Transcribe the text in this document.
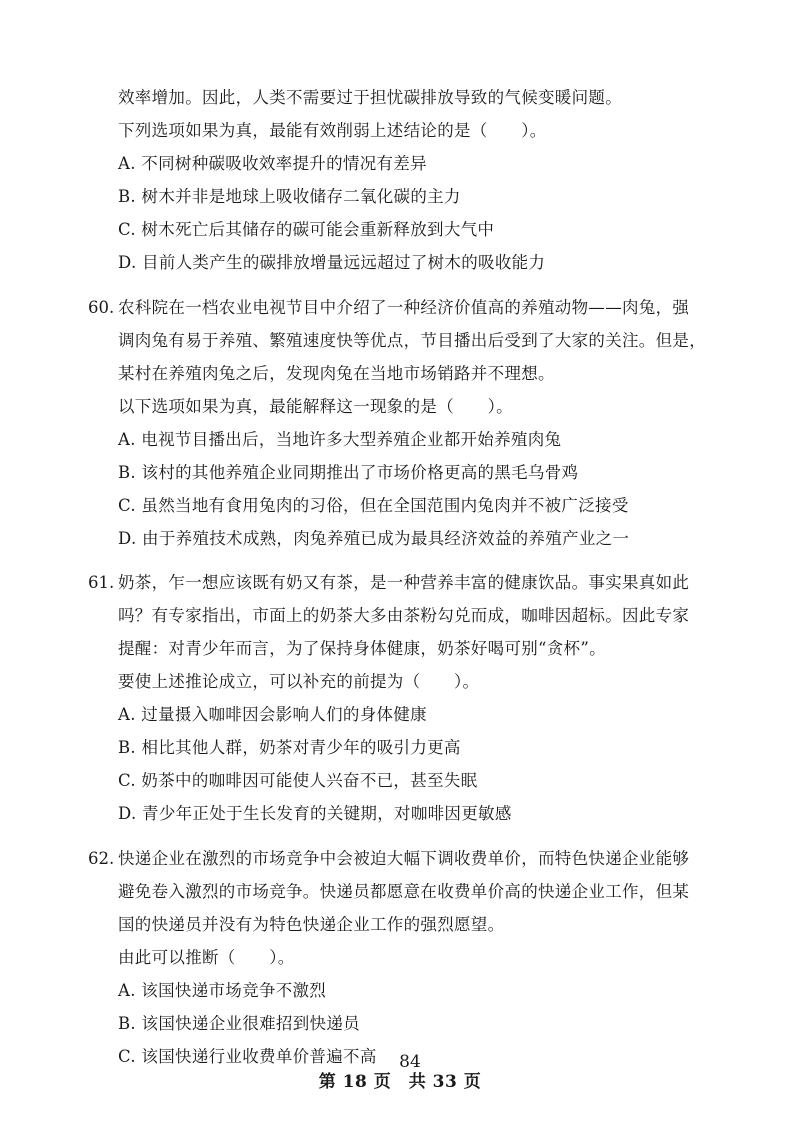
效率增加。因此，人类不需要过于担忧碳排放导致的气候变暖问题。
下列选项如果为真，最能有效削弱上述结论的是（　　）。
A. 不同树种碳吸收效率提升的情况有差异
B. 树木并非是地球上吸收储存二氧化碳的主力
C. 树木死亡后其储存的碳可能会重新释放到大气中
D. 目前人类产生的碳排放增量远远超过了树木的吸收能力
60. 农科院在一档农业电视节目中介绍了一种经济价值高的养殖动物——肉兔，强
调肉兔有易于养殖、繁殖速度快等优点，节目播出后受到了大家的关注。但是，
某村在养殖肉兔之后，发现肉兔在当地市场销路并不理想。
以下选项如果为真，最能解释这一现象的是（　　）。
A. 电视节目播出后，当地许多大型养殖企业都开始养殖肉兔
B. 该村的其他养殖企业同期推出了市场价格更高的黑毛乌骨鸡
C. 虽然当地有食用兔肉的习俗，但在全国范围内兔肉并不被广泛接受
D. 由于养殖技术成熟，肉兔养殖已成为最具经济效益的养殖产业之一
61. 奶茶，乍一想应该既有奶又有茶，是一种营养丰富的健康饮品。事实果真如此
吗？有专家指出，市面上的奶茶大多由茶粉勾兑而成，咖啡因超标。因此专家
提醒：对青少年而言，为了保持身体健康，奶茶好喝可别“贪杯”。
要使上述推论成立，可以补充的前提为（　　）。
A. 过量摄入咖啡因会影响人们的身体健康
B. 相比其他人群，奶茶对青少年的吸引力更高
C. 奶茶中的咖啡因可能使人兴奋不已，甚至失眠
D. 青少年正处于生长发育的关键期，对咖啡因更敏感
62. 快递企业在激烈的市场竞争中会被迫大幅下调收费单价，而特色快递企业能够
避免卷入激烈的市场竞争。快递员都愿意在收费单价高的快递企业工作，但某
国的快递员并没有为特色快递企业工作的强烈愿望。
由此可以推断（　　）。
A. 该国快递市场竞争不激烈
B. 该国快递企业很难招到快递员
C. 该国快递行业收费单价普遍不高	84
第 18 页　共 33 页
